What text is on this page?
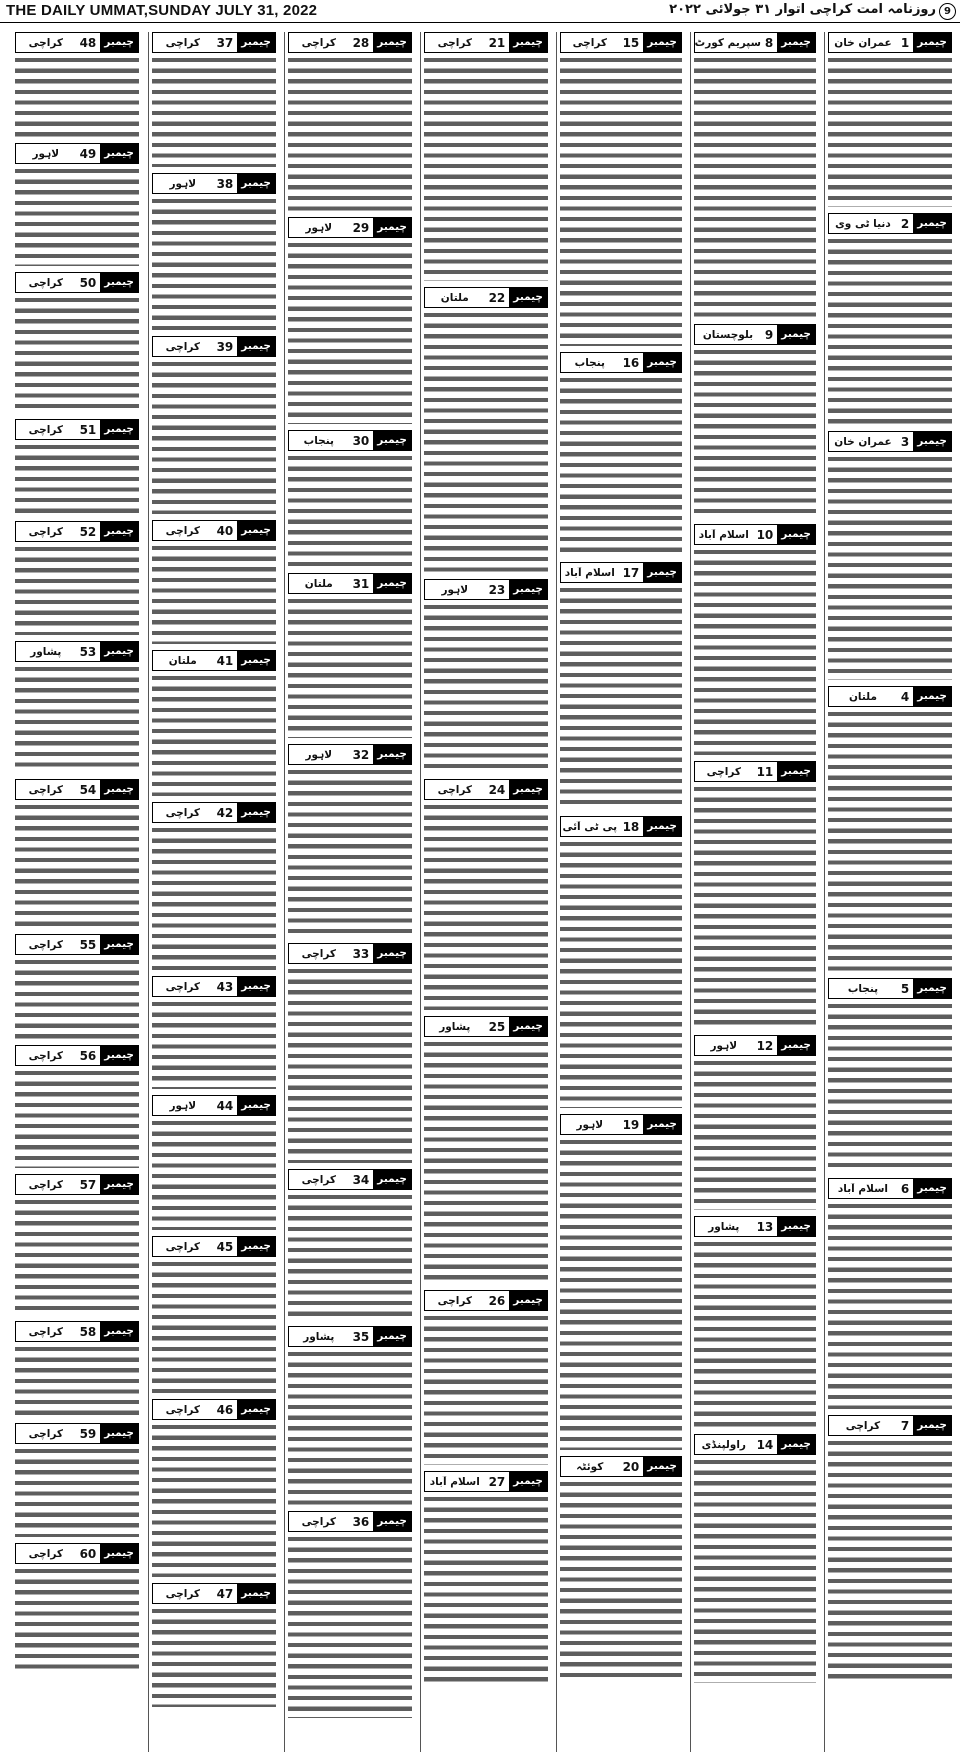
THE DAILY UMMAT,SUNDAY JULY 31, 2022	روزنامہ امت کراچی اتوار ۳۱ جولائی ۲۰۲۲ 9
چیمبر
1
عمران خان
چیمبر
2
دنیا ٹی وی
چیمبر
3
عمران خان
چیمبر
4
ملتان
چیمبر
5
پنجاب
چیمبر
6
اسلام آباد
چیمبر
7
کراچی
چیمبر
8
سپریم کورٹ
چیمبر
9
بلوچستان
چیمبر
10
اسلام آباد
چیمبر
11
کراچی
چیمبر
12
لاہور
چیمبر
13
پشاور
چیمبر
14
راولپنڈی
چیمبر
15
کراچی
چیمبر
16
پنجاب
چیمبر
17
اسلام آباد
چیمبر
18
پی ٹی آئی
چیمبر
19
لاہور
چیمبر
20
کوئٹہ
چیمبر
21
کراچی
چیمبر
22
ملتان
چیمبر
23
لاہور
چیمبر
24
کراچی
چیمبر
25
پشاور
چیمبر
26
کراچی
چیمبر
27
اسلام آباد
چیمبر
28
کراچی
چیمبر
29
لاہور
چیمبر
30
پنجاب
چیمبر
31
ملتان
چیمبر
32
لاہور
چیمبر
33
کراچی
چیمبر
34
کراچی
چیمبر
35
پشاور
چیمبر
36
کراچی
چیمبر
37
کراچی
چیمبر
38
لاہور
چیمبر
39
کراچی
چیمبر
40
کراچی
چیمبر
41
ملتان
چیمبر
42
کراچی
چیمبر
43
کراچی
چیمبر
44
لاہور
چیمبر
45
کراچی
چیمبر
46
کراچی
چیمبر
47
کراچی
چیمبر
48
کراچی
چیمبر
49
لاہور
چیمبر
50
کراچی
چیمبر
51
کراچی
چیمبر
52
کراچی
چیمبر
53
پشاور
چیمبر
54
کراچی
چیمبر
55
کراچی
چیمبر
56
کراچی
چیمبر
57
کراچی
چیمبر
58
کراچی
چیمبر
59
کراچی
چیمبر
60
کراچی
